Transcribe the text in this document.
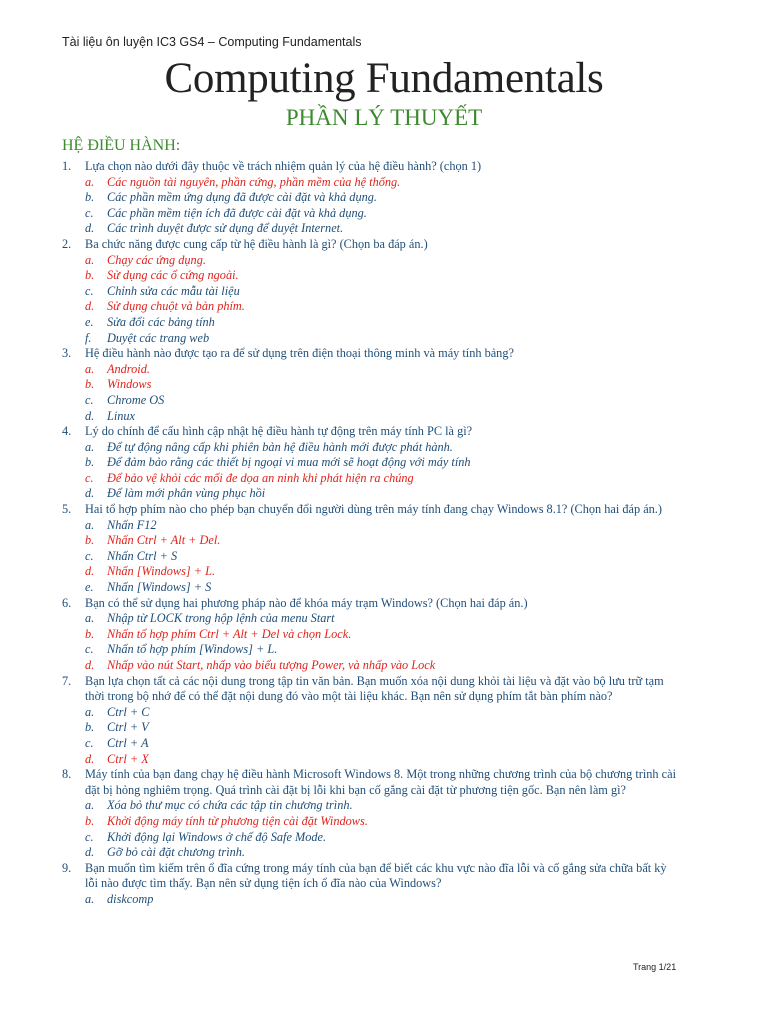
Tài liệu ôn luyện IC3 GS4 – Computing Fundamentals
Computing Fundamentals
PHẦN LÝ THUYẾT
HỆ ĐIỀU HÀNH:
1.	Lựa chọn nào dưới đây thuộc về trách nhiệm quản lý của hệ điều hành? (chọn 1)
a.	Các nguồn tài nguyên, phần cứng, phần mềm của hệ thống.
b.	Các phần mềm ứng dụng đã được cài đặt và khả dụng.
c.	Các phần mềm tiện ích đã được cài đặt và khả dụng.
d.	Các trình duyệt được sử dụng để duyệt Internet.
2.	Ba chức năng được cung cấp từ hệ điều hành là gì? (Chọn ba đáp án.)
a.	Chạy các ứng dụng.
b.	Sử dụng các ổ cứng ngoài.
c.	Chỉnh sửa các mẫu tài liệu
d.	Sử dụng chuột và bàn phím.
e.	Sửa đổi các bảng tính
f.	Duyệt các trang web
3.	Hệ điều hành nào được tạo ra để sử dụng trên điện thoại thông minh và máy tính bảng?
a.	Android.
b.	Windows
c.	Chrome OS
d.	Linux
4.	Lý do chính để cấu hình cập nhật hệ điều hành tự động trên máy tính PC là gì?
a.	Để tự động nâng cấp khi phiên bản hệ điều hành mới được phát hành.
b.	Để đảm bảo rằng các thiết bị ngoại vi mua mới sẽ hoạt động với máy tính
c.	Để bảo vệ khỏi các mối đe dọa an ninh khi phát hiện ra chúng
d.	Để làm mới phân vùng phục hồi
5.	Hai tổ hợp phím nào cho phép bạn chuyển đổi người dùng trên máy tính đang chạy Windows 8.1? (Chọn hai đáp án.)
a.	Nhấn F12
b.	Nhấn Ctrl + Alt + Del.
c.	Nhấn Ctrl + S
d.	Nhấn [Windows] + L.
e.	Nhấn [Windows] + S
6.	Bạn có thể sử dụng hai phương pháp nào để khóa máy trạm Windows? (Chọn hai đáp án.)
a.	Nhập từ LOCK trong hộp lệnh của menu Start
b.	Nhấn tổ hợp phím Ctrl + Alt + Del và chọn Lock.
c.	Nhấn tổ hợp phím [Windows] + L.
d.	Nhấp vào nút Start, nhấp vào biểu tượng Power, và nhấp vào Lock
7.	Bạn lựa chọn tất cả các nội dung trong tập tin văn bản. Bạn muốn xóa nội dung khỏi tài liệu và đặt vào bộ lưu trữ tạm thời trong bộ nhớ để có thể đặt nội dung đó vào một tài liệu khác. Bạn nên sử dụng phím tắt bàn phím nào?
a.	Ctrl + C
b.	Ctrl + V
c.	Ctrl + A
d.	Ctrl + X
8.	Máy tính của bạn đang chạy hệ điều hành Microsoft Windows 8. Một trong những chương trình của bộ chương trình cài đặt bị hỏng nghiêm trọng. Quá trình cài đặt bị lỗi khi bạn cố gắng cài đặt từ phương tiện gốc. Bạn nên làm gì?
a.	Xóa bỏ thư mục có chứa các tập tin chương trình.
b.	Khởi động máy tính từ phương tiện cài đặt Windows.
c.	Khởi động lại Windows ở chế độ Safe Mode.
d.	Gỡ bỏ cài đặt chương trình.
9.	Bạn muốn tìm kiếm trên ổ đĩa cứng trong máy tính của bạn để biết các khu vực nào đĩa lỗi và cố gắng sửa chữa bất kỳ lỗi nào được tìm thấy. Bạn nên sử dụng tiện ích ổ đĩa nào của Windows?
a.	diskcomp
Trang 1/21
